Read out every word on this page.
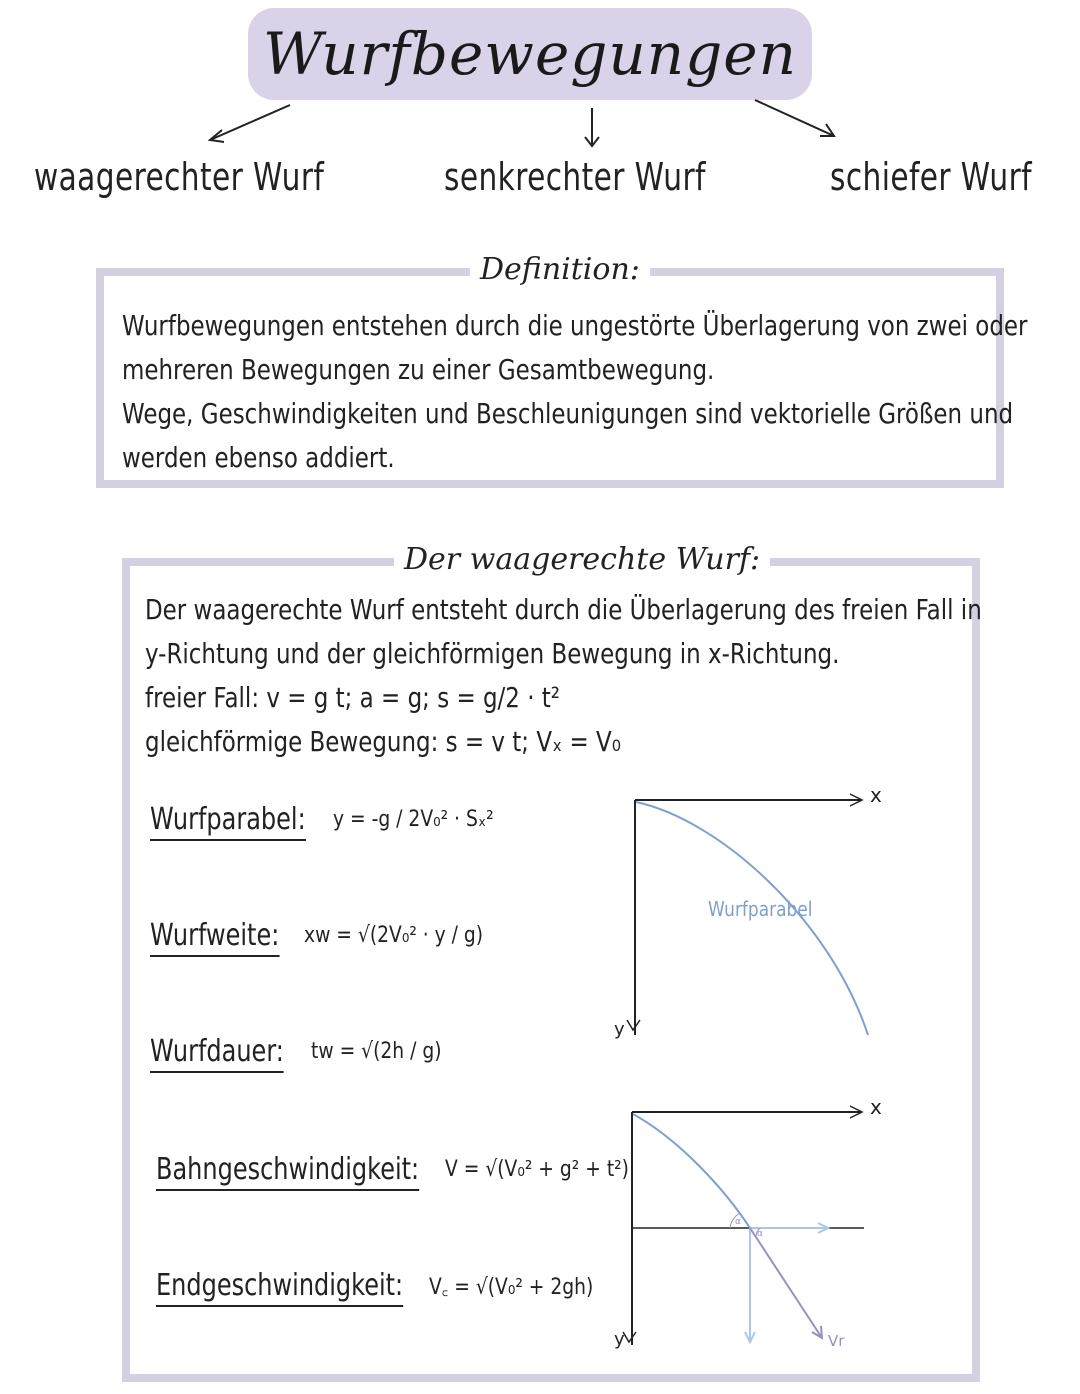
Wurfbewegungen
waagerechter Wurf	senkrechter Wurf	schiefer Wurf
Definition:
Wurfbewegungen entstehen durch die ungestörte Überlagerung von zwei oder
mehreren Bewegungen zu einer Gesamtbewegung.
Wege, Geschwindigkeiten und Beschleunigungen sind vektorielle Größen und
werden ebenso addiert.
Der waagerechte Wurf:
Der waagerechte Wurf entsteht durch die Überlagerung des freien Fall in
y-Richtung und der gleichförmigen Bewegung in x-Richtung.
freier Fall: v = g t; a = g; s = g/2 · t²
gleichförmige Bewegung: s = v t; Vₓ = V₀
Wurfparabel: y = -g / 2V₀² · Sₓ²
Wurfweite: xw = √(2V₀² · y / g)
Wurfdauer: tw = √(2h / g)
Bahngeschwindigkeit: V = √(V₀² + g² + t²)
Endgeschwindigkeit: V꜀ = √(V₀² + 2gh)
x
y
Wurfparabel
α
α
x
y	Vr
